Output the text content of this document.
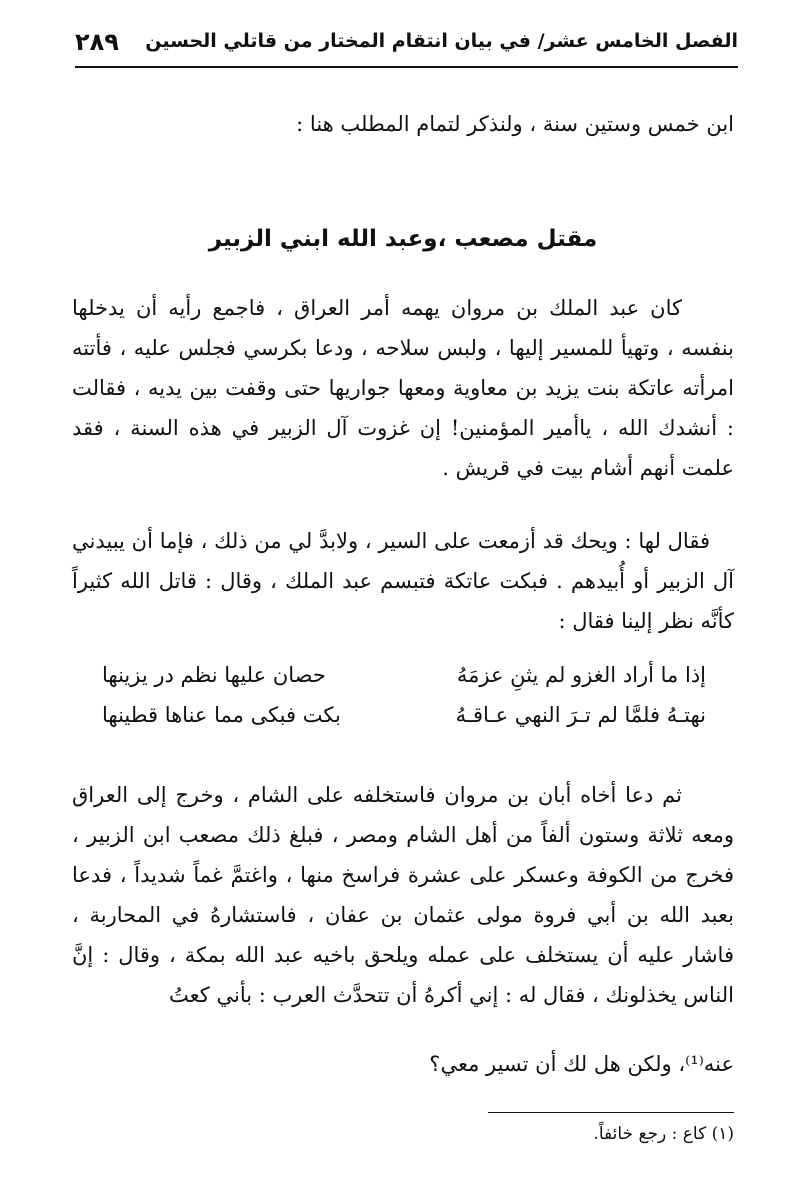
الفصل الخامس عشر/ في بيان انتقام المختار من قاتلي الحسين
٢٨٩
ابن خمس وستين سنة ، ولنذكر لتمام المطلب هنا :
مقتل مصعب ،وعبد الله ابني الزبير
كان عبد الملك بن مروان يهمه أمر العراق ، فاجمع رأيه أن يدخلها بنفسه ، وتهيأ للمسير إليها ، ولبس سلاحه ، ودعا بكرسي فجلس عليه ، فأتته امرأته عاتكة بنت يزيد بن معاوية ومعها جواريها حتى وقفت بين يديه ، فقالت : أنشدك الله ، ياأمير المؤمنين! إن غزوت آل الزبير في هذه السنة ، فقد علمت أنهم أشام بيت في قريش .
فقال لها : ويحك قد أزمعت على السير ، ولابدَّ لي من ذلك ، فإما أن يبيدني آل الزبير أو أُبيدهم . فبكت عاتكة فتبسم عبد الملك ، وقال : قاتل الله كثيراً كأنَّه نظر إلينا فقال :
إذا ما أراد الغزو لم يثنِ عزمَهُ
حصان عليها نظم در يزينها
نهتـهُ فلمَّا لم تـرَ النهي عـاقـهُ
بكت فبكى مما عناها قطينها
ثم دعا أخاه أبان بن مروان فاستخلفه على الشام ، وخرج إلى العراق ومعه ثلاثة وستون ألفاً من أهل الشام ومصر ، فبلغ ذلك مصعب ابن الزبير ، فخرج من الكوفة وعسكر على عشرة فراسخ منها ، واغتمَّ غماً شديداً ، فدعا بعبد الله بن أبي فروة مولى عثمان بن عفان ، فاستشارهُ في المحاربة ، فاشار عليه أن يستخلف على عمله ويلحق باخيه عبد الله بمكة ، وقال : إنَّ الناس يخذلونك ، فقال له : إني أكرهُ أن تتحدَّث العرب : بأني كعتُ
عنه⁽¹⁾، ولكن هل لك أن تسير معي؟
(١) كاع : رجع خائفاً.
